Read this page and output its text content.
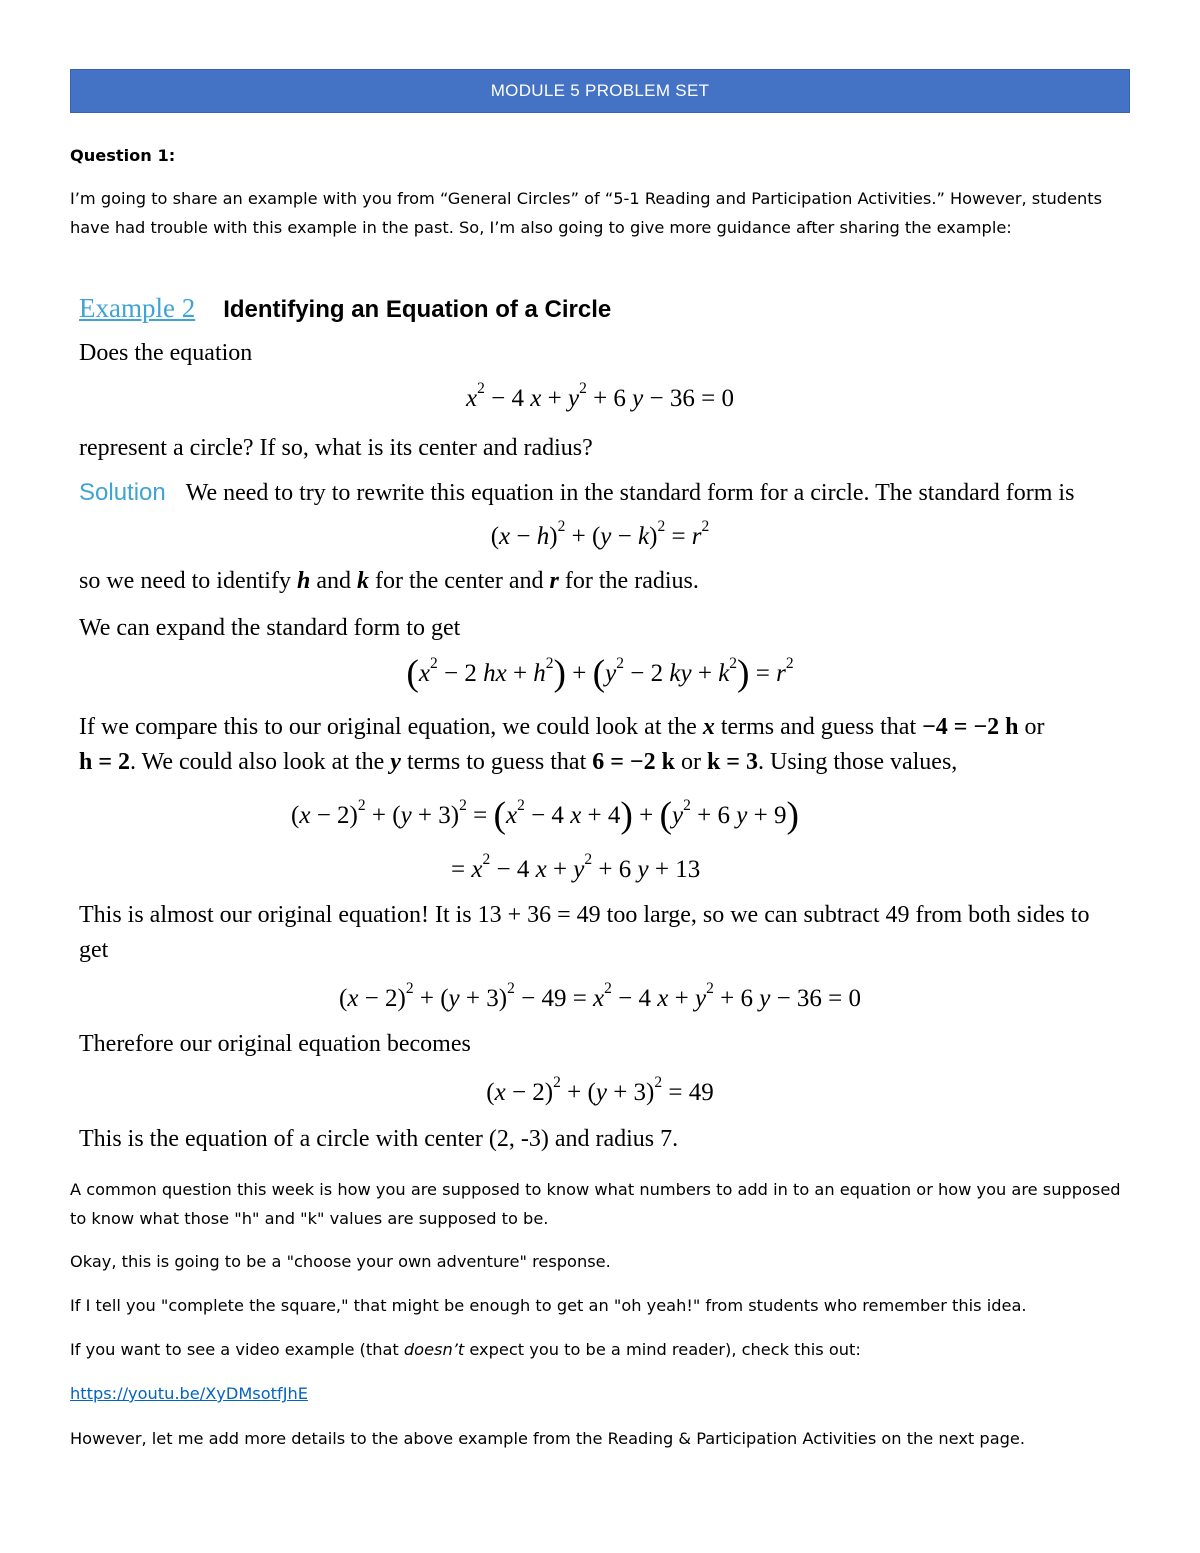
MODULE 5 PROBLEM SET

Question 1:

I’m going to share an example with you from “General Circles” of “5-1 Reading and Participation Activities.” However, students have had trouble with this example in the past. So, I’m also going to give more guidance after sharing the example:

Example 2 Identifying an Equation of a Circle
Does the equation
$x^2 - 4$ $x + y^2 + 6$ y − 36 = 0
represent a circle? If so, what is its center and radius?
Solution We need to try to rewrite this equation in the standard form for a circle. The standard form is
$(x - h)^2 + (y - k)^2 = r^2$
so we need to identify h and k for the center and r for the radius.
We can expand the standard form to get
($x^2 - 2$ hx + $h^2) + (y^2 - 2$ ky + $k^2) = r^2$
If we compare this to our original equation, we could look at the x terms and guess that −4 = −2 h or
h = 2. We could also look at the y terms to guess that 6 = −2 k or k = 3. Using those values,
$(x - 2)^2 + (y + 3)^2 = (x^2 - 4$ $x + 4) + (y^2 + 6$ y + 9)
= $x^2 - 4$ $x + y^2 + 6$ y + 13
This is almost our original equation! It is 13 + 36 = 49 too large, so we can subtract 49 from both sides to
get
$(x - 2)^2 + (y + 3)^2 - 49 = x^2 - 4$ $x + y^2 + 6$ y − 36 = 0
Therefore our original equation becomes
$(x - 2)^2 + (y + 3)^2 = 49$
This is the equation of a circle with center (2, -3) and radius 7.

A common question this week is how you are supposed to know what numbers to add in to an equation or how you are supposed to know what those "h" and "k" values are supposed to be.

Okay, this is going to be a "choose your own adventure" response.

If I tell you "complete the square," that might be enough to get an "oh yeah!" from students who remember this idea.

If you want to see a video example (that doesn’t expect you to be a mind reader), check this out:

https://youtu.be/XyDMsotfJhE

However, let me add more details to the above example from the Reading & Participation Activities on the next page.
